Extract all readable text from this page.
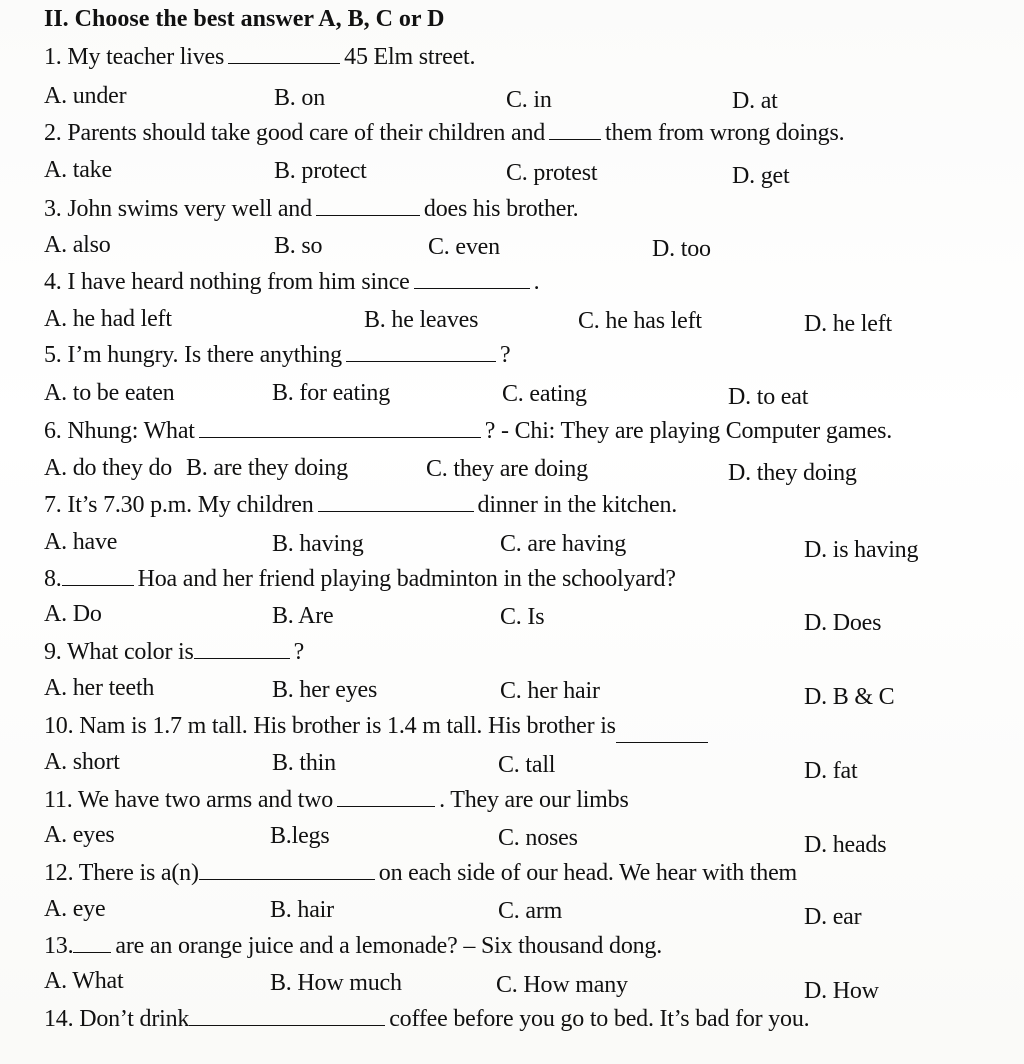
II. Choose the best answer A, B, C or D
1. My teacher lives	45 Elm street.
A. under	B. on	C. in	D. at
2. Parents should take good care of their children and	them from wrong doings.
A. take	B. protect	C. protest	D. get
3. John swims very well and	does his brother.
A. also	B. so	C. even	D. too
4. I have heard nothing from him since	.
A. he had left	B. he leaves	C. he has left	D. he left
5. I’m hungry. Is there anything	?
A. to be eaten	B. for eating	C. eating	D. to eat
6. Nhung: What	? - Chi: They are playing Computer games.
A. do they do B. are they doing	C. they are doing	D. they doing
7. It’s 7.30 p.m. My children	dinner in the kitchen.
A. have	B. having	C. are having	D. is having
8.	Hoa and her friend playing badminton in the schoolyard?
A. Do	B. Are	C. Is	D. Does
9. What color is	?
A. her teeth	B. her eyes	C. her hair	D. B & C
10. Nam is 1.7 m tall. His brother is 1.4 m tall. His brother is
A. short	B. thin	C. tall	D. fat
11. We have two arms and two	. They are our limbs
A. eyes	B.legs	C. noses	D. heads
12. There is a(n)	on each side of our head. We hear with them
A. eye	B. hair	C. arm	D. ear
13. are an orange juice and a lemonade? – Six thousand dong.
A. What	B. How much	C. How many	D. How
14. Don’t drink	coffee before you go to bed. It’s bad for you.
